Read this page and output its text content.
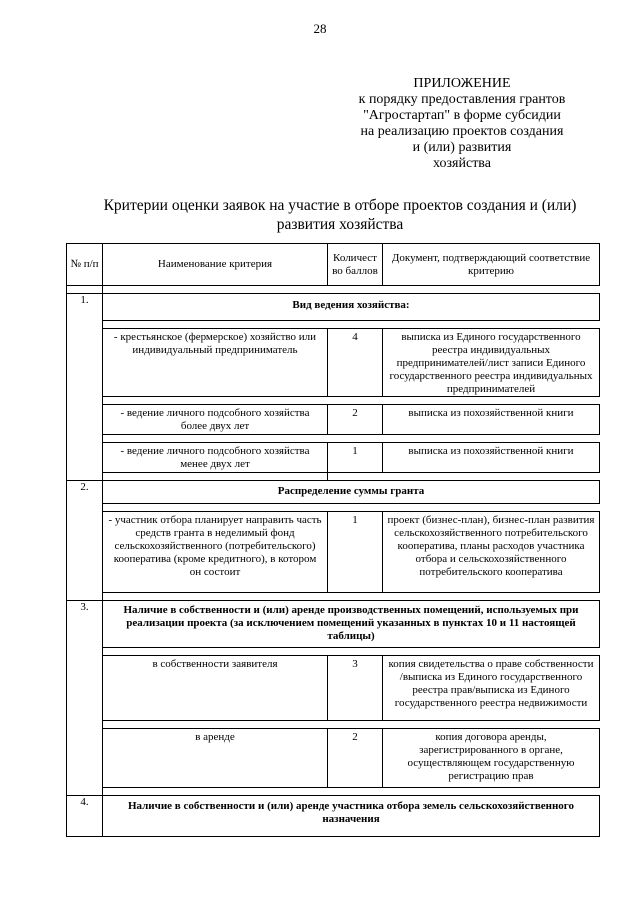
28
ПРИЛОЖЕНИЕ
к порядку предоставления грантов
"Агростартап" в форме субсидии
на реализацию проектов создания
и (или) развития
хозяйства
Критерии оценки заявок на участие в отборе проектов создания и (или)
развития хозяйства
№ п/п	Наименование критерия	Количест во баллов	Документ, подтверждающий соответствие критерию

1.	Вид ведения хозяйства:		

	- крестьянское (фермерское) хозяйство или индивидуальный предприниматель	4	выписка из Единого государственного реестра индивидуальных предпринимателей/лист записи Единого государственного реестра индивидуальных предпринимателей

	- ведение личного подсобного хозяйства более двух лет	2	выписка из похозяйственной книги

	- ведение личного подсобного хозяйства менее двух лет	1	выписка из похозяйственной книги

2.	Распределение суммы гранта		

	- участник отбора планирует направить часть средств гранта в неделимый фонд сельскохозяйственного (потребительского) кооператива (кроме кредитного), в котором он состоит	1	проект (бизнес-план), бизнес-план развития сельскохозяйственного потребительского кооператива, планы расходов участника отбора и сельскохозяйственного потребительского кооператива

3.	Наличие в собственности и (или) аренде производственных помещений, используемых при реализации проекта (за исключением помещений указанных в пунктах 10 и 11 настоящей таблицы)		

	в собственности заявителя	3	копия свидетельства о праве собственности /выписка из Единого государственного реестра прав/выписка из Единого государственного реестра недвижимости

	в аренде	2	копия договора аренды, зарегистрированного в органе, осуществляющем государственную регистрацию прав

4.	Наличие в собственности и (или) аренде участника отбора земель сельскохозяйственного назначения		
